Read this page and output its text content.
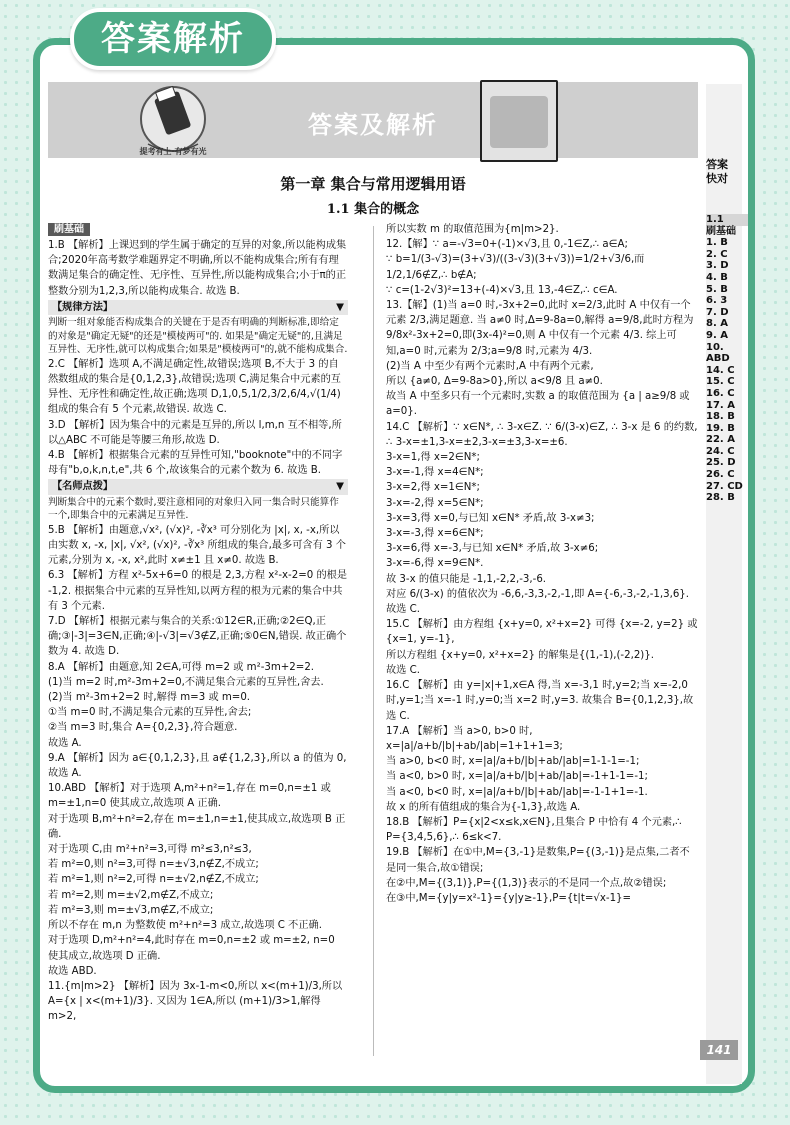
答案解析
提考有上·有梦有光
答案及解析
第一章 集合与常用逻辑用语
1.1 集合的概念
刷基础

1.B 【解析】上课迟到的学生属于确定的互异的对象,所以能构成集合;2020年高考数学难题界定不明确,所以不能构成集合;所有有理数满足集合的确定性、无序性、互异性,所以能构成集合;小于π的正整数分别为1,2,3,所以能构成集合. 故选 B.

【规律方法】	▼

判断一组对象能否构成集合的关键在于是否有明确的判断标准,即给定的对象是"确定无疑"的还是"模棱两可"的. 如果是"确定无疑"的,且满足互异性、无序性,就可以构成集合;如果是"模棱两可"的,就不能构成集合.

2.C 【解析】选项 A,不满足确定性,故错误;选项 B,不大于 3 的自然数组成的集合是{0,1,2,3},故错误;选项 C,满足集合中元素的互异性、无序性和确定性,故正确;选项 D,1,0,5,1/2,3/2,6/4,√(1/4) 组成的集合有 5 个元素,故错误. 故选 C.

3.D 【解析】因为集合中的元素是互异的,所以 l,m,n 互不相等,所以△ABC 不可能是等腰三角形,故选 D.

4.B 【解析】根据集合元素的互异性可知,"booknote"中的不同字母有"b,o,k,n,t,e",共 6 个,故该集合的元素个数为 6. 故选 B.

【名师点拨】	▼

判断集合中的元素个数时,要注意相同的对象归入同一集合时只能算作一个,即集合中的元素满足互异性.

5.B 【解析】由题意,√x², (√x)², -∛x³ 可分别化为 |x|, x, -x,所以由实数 x, -x, |x|, √x², (√x)², -∛x³ 所组成的集合,最多可含有 3 个元素,分别为 x, -x, x²,此时 x≠±1 且 x≠0. 故选 B.

6.3 【解析】方程 x²-5x+6=0 的根是 2,3,方程 x²-x-2=0 的根是 -1,2. 根据集合中元素的互异性知,以两方程的根为元素的集合中共有 3 个元素.

7.D 【解析】根据元素与集合的关系:①12∈R,正确;②2∈Q,正确;③|-3|=3∈N,正确;④|-√3|=√3∉Z,正确;⑤0∈N,错误. 故正确个数为 4. 故选 D.

8.A 【解析】由题意,知 2∈A,可得 m=2 或 m²-3m+2=2.

(1)当 m=2 时,m²-3m+2=0,不满足集合元素的互异性,舍去.

(2)当 m²-3m+2=2 时,解得 m=3 或 m=0.

①当 m=0 时,不满足集合元素的互异性,舍去;

②当 m=3 时,集合 A={0,2,3},符合题意.

故选 A.

9.A 【解析】因为 a∈{0,1,2,3},且 a∉{1,2,3},所以 a 的值为 0,故选 A.

10.ABD 【解析】对于选项 A,m²+n²=1,存在 m=0,n=±1 或 m=±1,n=0 使其成立,故选项 A 正确.

对于选项 B,m²+n²=2,存在 m=±1,n=±1,使其成立,故选项 B 正确.

对于选项 C,由 m²+n²=3,可得 m²≤3,n²≤3,

若 m²=0,则 n²=3,可得 n=±√3,n∉Z,不成立;

若 m²=1,则 n²=2,可得 n=±√2,n∉Z,不成立;

若 m²=2,则 m=±√2,m∉Z,不成立;

若 m²=3,则 m=±√3,m∉Z,不成立;

所以不存在 m,n 为整数使 m²+n²=3 成立,故选项 C 不正确.

对于选项 D,m²+n²=4,此时存在 m=0,n=±2 或 m=±2, n=0 使其成立,故选项 D 正确.

故选 ABD.

11.{m|m>2} 【解析】因为 3x-1-m<0,所以 x<(m+1)/3,所以 A={x | x<(m+1)/3}. 又因为 1∈A,所以 (m+1)/3>1,解得 m>2,

所以实数 m 的取值范围为{m|m>2}.

12.【解】∵ a=-√3=0+(-1)×√3,且 0,-1∈Z,∴ a∈A;

∵ b=1/(3-√3)=(3+√3)/((3-√3)(3+√3))=1/2+√3/6,而 1/2,1/6∉Z,∴ b∉A;

∵ c=(1-2√3)²=13+(-4)×√3,且 13,-4∈Z,∴ c∈A.

13.【解】(1)当 a=0 时,-3x+2=0,此时 x=2/3,此时 A 中仅有一个元素 2/3,满足题意. 当 a≠0 时,Δ=9-8a=0,解得 a=9/8,此时方程为 9/8x²-3x+2=0,即(3x-4)²=0,则 A 中仅有一个元素 4/3. 综上可知,a=0 时,元素为 2/3;a=9/8 时,元素为 4/3.

(2)当 A 中至少有两个元素时,A 中有两个元素,

所以 {a≠0, Δ=9-8a>0},所以 a<9/8 且 a≠0.

故当 A 中至多只有一个元素时,实数 a 的取值范围为 {a | a≥9/8 或 a=0}.

14.C 【解析】∵ x∈N*, ∴ 3-x∈Z. ∵ 6/(3-x)∈Z, ∴ 3-x 是 6 的约数, ∴ 3-x=±1,3-x=±2,3-x=±3,3-x=±6.

3-x=1,得 x=2∈N*;

3-x=-1,得 x=4∈N*;

3-x=2,得 x=1∈N*;

3-x=-2,得 x=5∈N*;

3-x=3,得 x=0,与已知 x∈N* 矛盾,故 3-x≠3;

3-x=-3,得 x=6∈N*;

3-x=6,得 x=-3,与已知 x∈N* 矛盾,故 3-x≠6;

3-x=-6,得 x=9∈N*.

故 3-x 的值只能是 -1,1,-2,2,-3,-6.

对应 6/(3-x) 的值依次为 -6,6,-3,3,-2,-1,即 A={-6,-3,-2,-1,3,6}.

故选 C.

15.C 【解析】由方程组 {x+y=0, x²+x=2} 可得 {x=-2, y=2} 或 {x=1, y=-1},

所以方程组 {x+y=0, x²+x=2} 的解集是{(1,-1),(-2,2)}.

故选 C.

16.C 【解析】由 y=|x|+1,x∈A 得,当 x=-3,1 时,y=2;当 x=-2,0 时,y=1;当 x=-1 时,y=0;当 x=2 时,y=3. 故集合 B={0,1,2,3},故选 C.

17.A 【解析】当 a>0, b>0 时, x=|a|/a+b/|b|+ab/|ab|=1+1+1=3;

当 a>0, b<0 时, x=|a|/a+b/|b|+ab/|ab|=1-1-1=-1;

当 a<0, b>0 时, x=|a|/a+b/|b|+ab/|ab|=-1+1-1=-1;

当 a<0, b<0 时, x=|a|/a+b/|b|+ab/|ab|=-1-1+1=-1.

故 x 的所有值组成的集合为{-1,3},故选 A.

18.B 【解析】P={x|2<x≤k,x∈N},且集合 P 中恰有 4 个元素,∴ P={3,4,5,6},∴ 6≤k<7.

19.B 【解析】在①中,M={3,-1}是数集,P={(3,-1)}是点集,二者不是同一集合,故①错误;

在②中,M={(3,1)},P={(1,3)}表示的不是同一个点,故②错误;

在③中,M={y|y=x²-1}={y|y≥-1},P={t|t=√x-1}=

答案快对
1.1
刷基础
1. B
2. C
3. D
4. B
5. B
6. 3
7. D
8. A
9. A
10. ABD
14. C
15. C
16. C
17. A
18. B
19. B
22. A
24. C
25. D
26. C
27. CD
28. B
141
